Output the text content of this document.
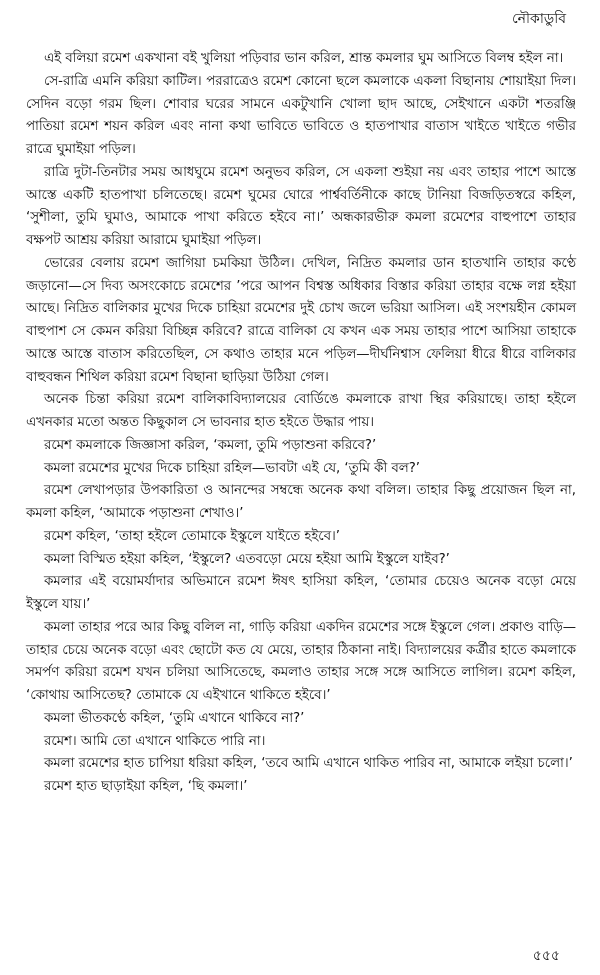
নৌকাডুবি

এই বলিয়া রমেশ একখানা বই খুলিয়া পড়িবার ভান করিল, শ্রান্ত কমলার ঘুম আসিতে বিলম্ব হইল না।

সে-রাত্রি এমনি করিয়া কাটিল। পররাত্রেও রমেশ কোনো ছলে কমলাকে একলা বিছানায় শোয়াইয়া দিল। সেদিন বড়ো গরম ছিল। শোবার ঘরের সামনে একটুখানি খোলা ছাদ আছে, সেইখানে একটা শতরঞ্জি পাতিয়া রমেশ শয়ন করিল এবং নানা কথা ভাবিতে ভাবিতে ও হাতপাখার বাতাস খাইতে খাইতে গভীর রাত্রে ঘুমাইয়া পড়িল।

রাত্রি দুটা-তিনটার সময় আধঘুমে রমেশ অনুভব করিল, সে একলা শুইয়া নয় এবং তাহার পাশে আস্তে আস্তে একটি হাতপাখা চলিতেছে। রমেশ ঘুমের ঘোরে পার্শ্ববর্তিনীকে কাছে টানিয়া বিজড়িতস্বরে কহিল, ‘সুশীলা, তুমি ঘুমাও, আমাকে পাখা করিতে হইবে না।’ অন্ধকারভীরু কমলা রমেশের বাহুপাশে তাহার বক্ষপট আশ্রয় করিয়া আরামে ঘুমাইয়া পড়িল।

ভোরের বেলায় রমেশ জাগিয়া চমকিয়া উঠিল। দেখিল, নিদ্রিত কমলার ডান হাতখানি তাহার কণ্ঠে জড়ানো—সে দিব্য অসংকোচে রমেশের ’পরে আপন বিশ্বস্ত অধিকার বিস্তার করিয়া তাহার বক্ষে লগ্ন হইয়া আছে। নিদ্রিত বালিকার মুখের দিকে চাহিয়া রমেশের দুই চোখ জলে ভরিয়া আসিল। এই সংশয়হীন কোমল বাহুপাশ সে কেমন করিয়া বিচ্ছিন্ন করিবে? রাত্রে বালিকা যে কখন এক সময় তাহার পাশে আসিয়া তাহাকে আস্তে আস্তে বাতাস করিতেছিল, সে কথাও তাহার মনে পড়িল—দীর্ঘনিশ্বাস ফেলিয়া ধীরে ধীরে বালিকার বাহুবন্ধন শিথিল করিয়া রমেশ বিছানা ছাড়িয়া উঠিয়া গেল।

অনেক চিন্তা করিয়া রমেশ বালিকাবিদ্যালয়ের বোর্ডিঙে কমলাকে রাখা স্থির করিয়াছে। তাহা হইলে এখনকার মতো অন্তত কিছুকাল সে ভাবনার হাত হইতে উদ্ধার পায়।

রমেশ কমলাকে জিজ্ঞাসা করিল, ‘কমলা, তুমি পড়াশুনা করিবে?’

কমলা রমেশের মুখের দিকে চাহিয়া রহিল—ভাবটা এই যে, ‘তুমি কী বল?’

রমেশ লেখাপড়ার উপকারিতা ও আনন্দের সম্বন্ধে অনেক কথা বলিল। তাহার কিছু প্রয়োজন ছিল না, কমলা কহিল, ‘আমাকে পড়াশুনা শেখাও।’

রমেশ কহিল, ‘তাহা হইলে তোমাকে ইস্কুলে যাইতে হইবে।’

কমলা বিস্মিত হইয়া কহিল, ‘ইস্কুলে? এতবড়ো মেয়ে হইয়া আমি ইস্কুলে যাইব?’

কমলার এই বয়োমর্যাদার অভিমানে রমেশ ঈষৎ হাসিয়া কহিল, ‘তোমার চেয়েও অনেক বড়ো মেয়ে ইস্কুলে যায়।’

কমলা তাহার পরে আর কিছু বলিল না, গাড়ি করিয়া একদিন রমেশের সঙ্গে ইস্কুলে গেল। প্রকাণ্ড বাড়ি—তাহার চেয়ে অনেক বড়ো এবং ছোটো কত যে মেয়ে, তাহার ঠিকানা নাই। বিদ্যালয়ের কর্ত্রীর হাতে কমলাকে সমর্পণ করিয়া রমেশ যখন চলিয়া আসিতেছে, কমলাও তাহার সঙ্গে সঙ্গে আসিতে লাগিল। রমেশ কহিল, ‘কোথায় আসিতেছ? তোমাকে যে এইখানে থাকিতে হইবে।’

কমলা ভীতকণ্ঠে কহিল, ‘তুমি এখানে থাকিবে না?’

রমেশ। আমি তো এখানে থাকিতে পারি না।

কমলা রমেশের হাত চাপিয়া ধরিয়া কহিল, ‘তবে আমি এখানে থাকিত পারিব না, আমাকে লইয়া চলো।’

রমেশ হাত ছাড়াইয়া কহিল, ‘ছি কমলা।’

৫৫৫
